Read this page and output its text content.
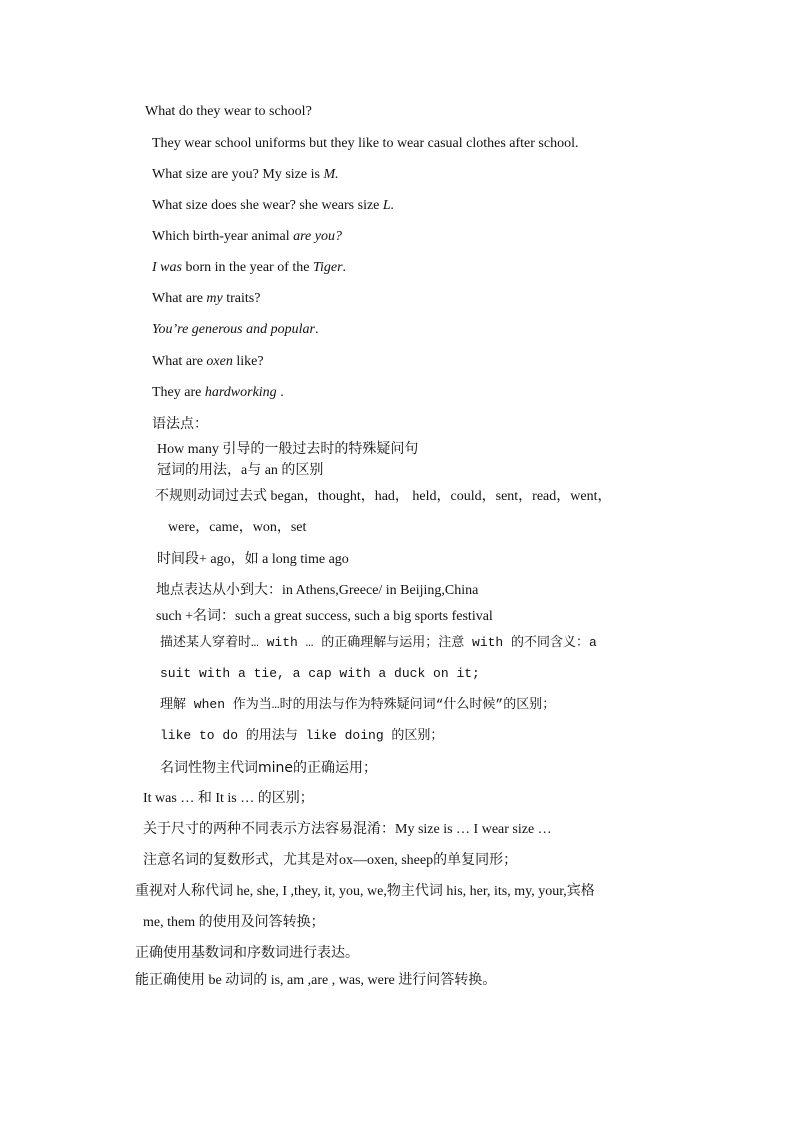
What do they wear to school?
They wear school uniforms but they like to wear casual clothes after school.
What size are you? My size is M.
What size does she wear? she wears size L.
Which birth-year animal are you?
I was born in the year of the Tiger.
What are my traits?
You’re generous and popular.
What are oxen like?
They are hardworking .
语法点：
How many 引导的一般过去时的特殊疑问句
冠词的用法，a与 an 的区别
不规则动词过去式 began，thought，had， held，could，sent，read，went，
were，came，won，set
时间段+ ago，如 a long time ago
地点表达从小到大：in Athens,Greece/ in Beijing,China
such +名词：such a great success, such a big sports festival
描述某人穿着时… with … 的正确理解与运用；注意 with 的不同含义：a
suit with a tie, a cap with a duck on it;
理解 when 作为当…时的用法与作为特殊疑问词“什么时候”的区别；
like to do 的用法与 like doing 的区别；
名词性物主代词mine的正确运用；
It was … 和 It is … 的区别；
关于尺寸的两种不同表示方法容易混淆：My size is … I wear size …
注意名词的复数形式，尤其是对ox—oxen, sheep的单复同形；
重视对人称代词 he, she, I ,they, it, you, we,物主代词 his, her, its, my, your,宾格
me, them 的使用及问答转换；
正确使用基数词和序数词进行表达。
能正确使用 be 动词的 is, am ,are , was, were 进行问答转换。
